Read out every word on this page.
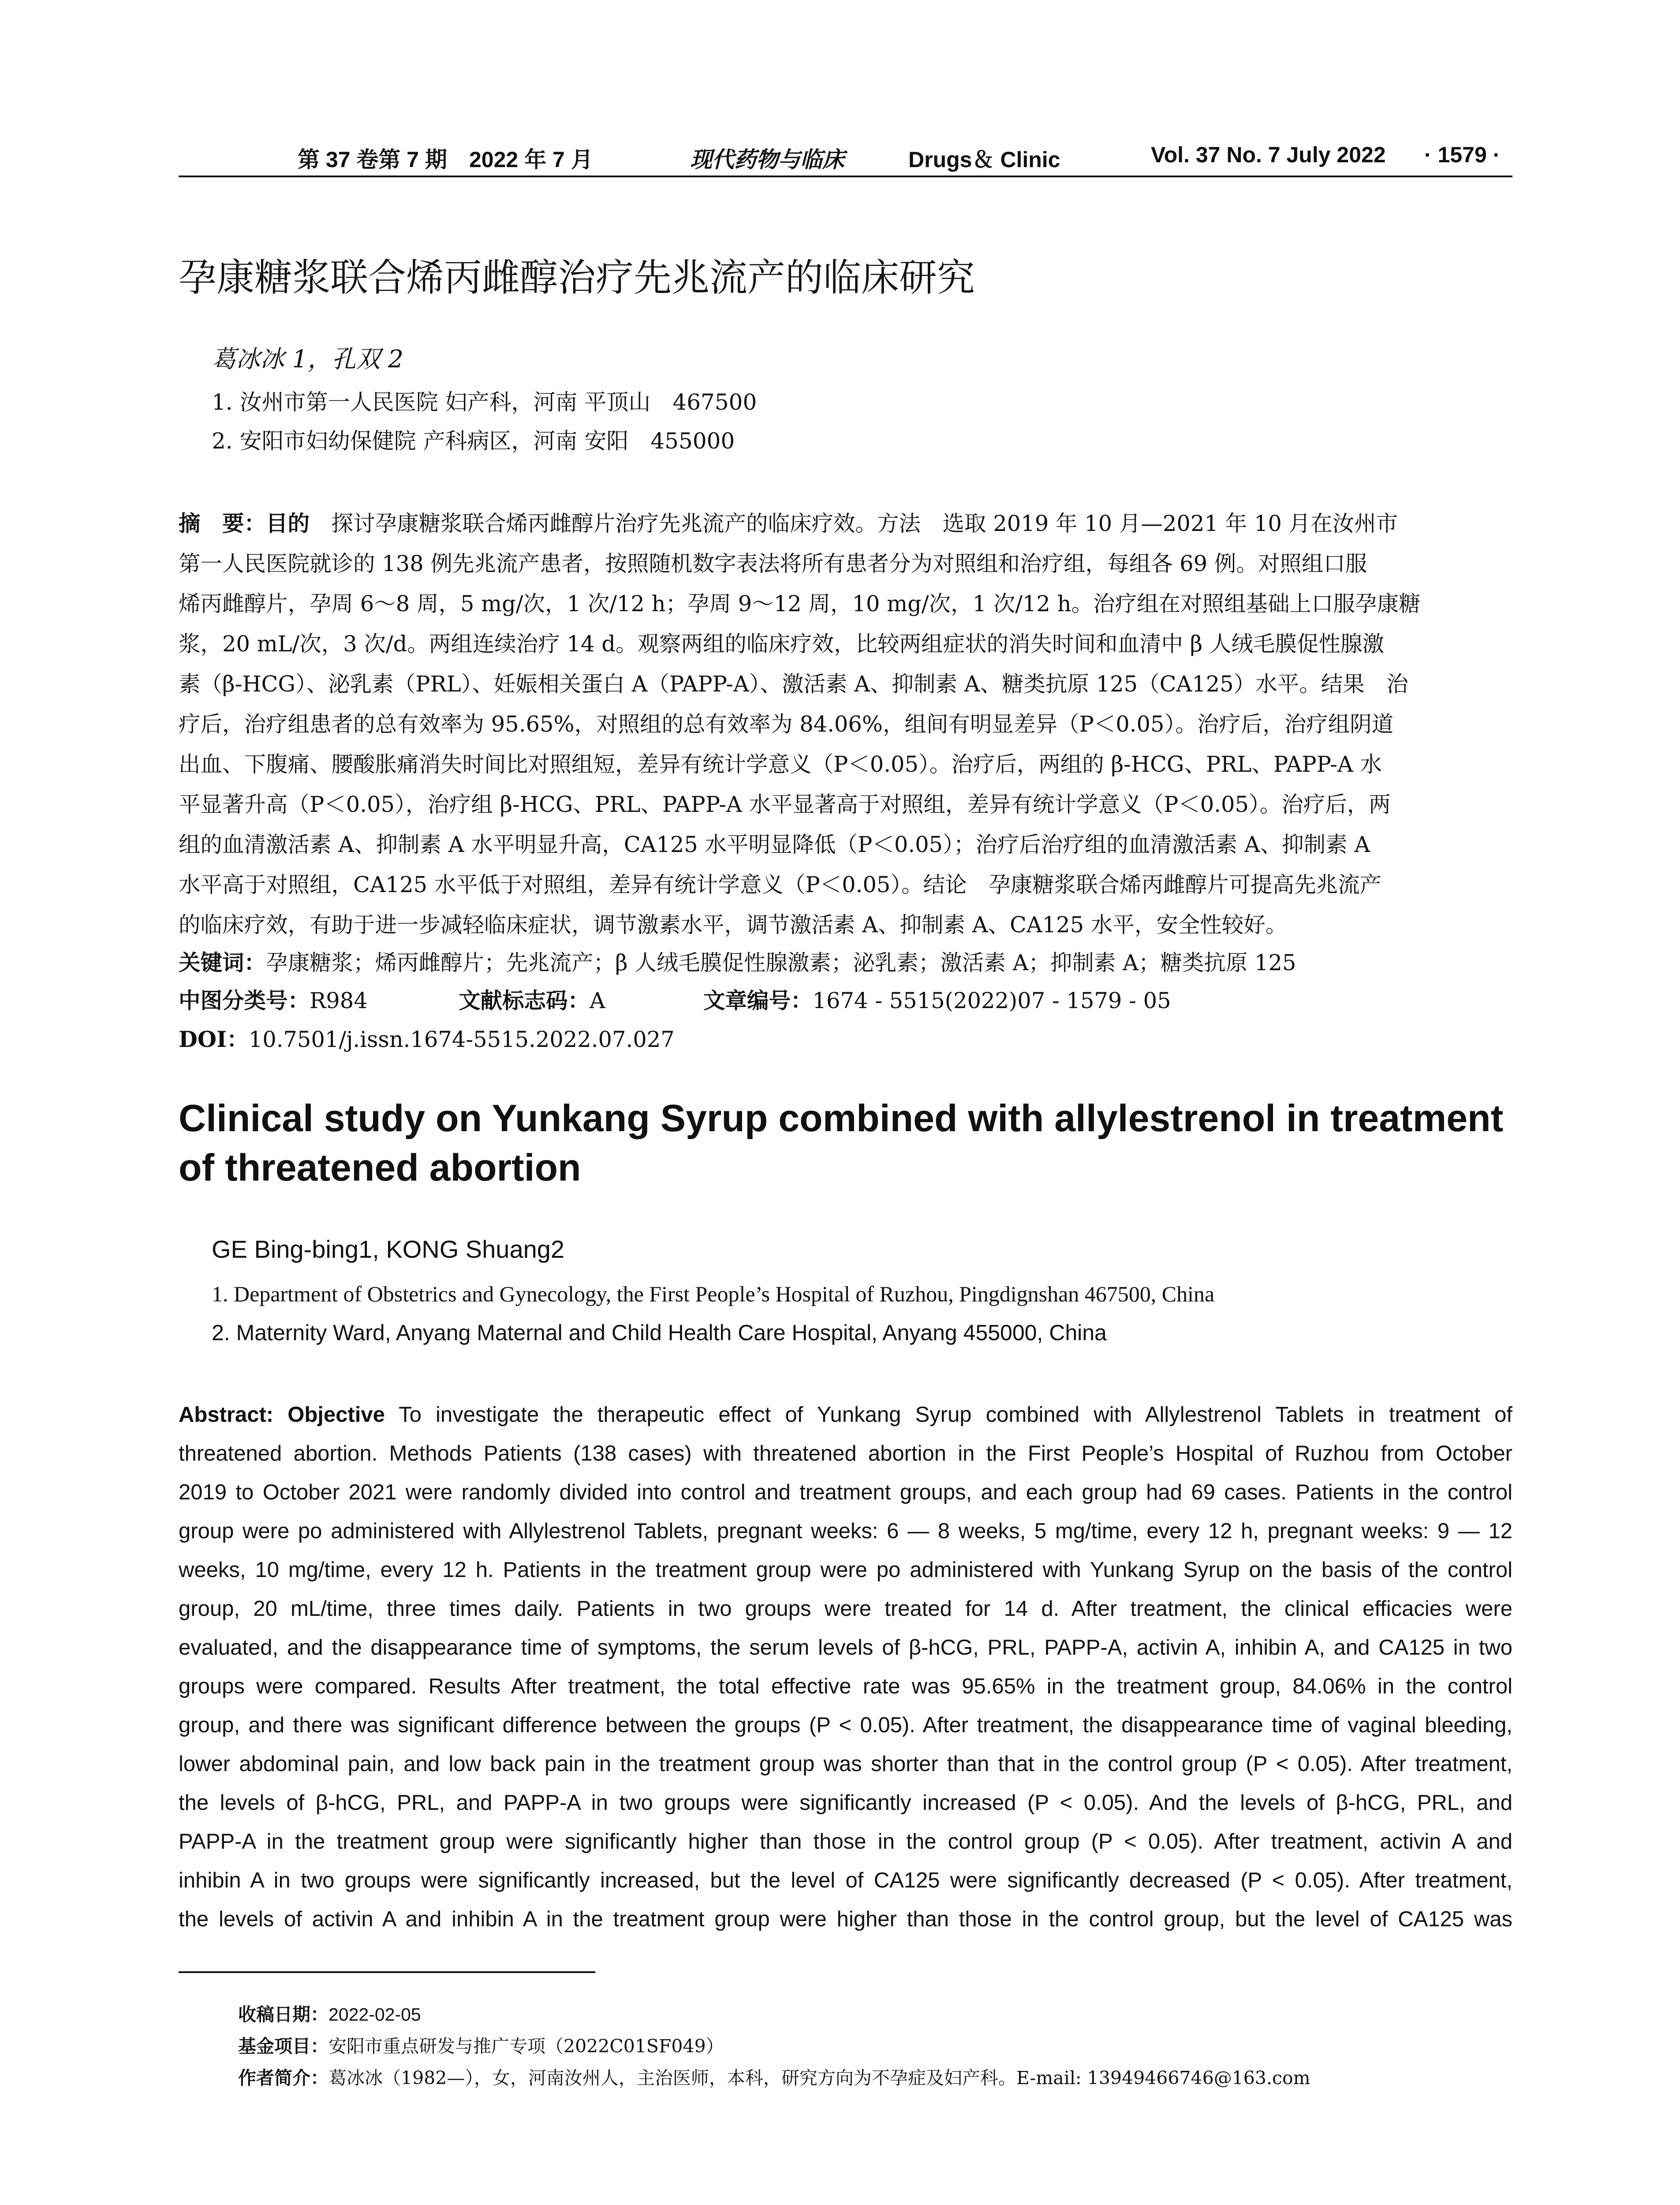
第 37 卷第 7 期　2022 年 7 月	现代药物与临床	Drugs＆ Clinic	Vol. 37 No. 7 July 2022 · 1579 ·
孕康糖浆联合烯丙雌醇治疗先兆流产的临床研究
葛冰冰 1，孔双 2
1. 汝州市第一人民医院 妇产科，河南 平顶山　467500
2. 安阳市妇幼保健院 产科病区，河南 安阳　455000
摘　要：目的　探讨孕康糖浆联合烯丙雌醇片治疗先兆流产的临床疗效。方法　选取 2019 年 10 月—2021 年 10 月在汝州市
第一人民医院就诊的 138 例先兆流产患者，按照随机数字表法将所有患者分为对照组和治疗组，每组各 69 例。对照组口服
烯丙雌醇片，孕周 6～8 周，5 mg/次，1 次/12 h；孕周 9～12 周，10 mg/次，1 次/12 h。治疗组在对照组基础上口服孕康糖
浆，20 mL/次，3 次/d。两组连续治疗 14 d。观察两组的临床疗效，比较两组症状的消失时间和血清中 β 人绒毛膜促性腺激
素（β-HCG）、泌乳素（PRL）、妊娠相关蛋白 A（PAPP-A）、激活素 A、抑制素 A、糖类抗原 125（CA125）水平。结果　治
疗后，治疗组患者的总有效率为 95.65%，对照组的总有效率为 84.06%，组间有明显差异（P＜0.05）。治疗后，治疗组阴道
出血、下腹痛、腰酸胀痛消失时间比对照组短，差异有统计学意义（P＜0.05）。治疗后，两组的 β-HCG、PRL、PAPP-A 水
平显著升高（P＜0.05），治疗组 β-HCG、PRL、PAPP-A 水平显著高于对照组，差异有统计学意义（P＜0.05）。治疗后，两
组的血清激活素 A、抑制素 A 水平明显升高，CA125 水平明显降低（P＜0.05）；治疗后治疗组的血清激活素 A、抑制素 A
水平高于对照组，CA125 水平低于对照组，差异有统计学意义（P＜0.05）。结论　孕康糖浆联合烯丙雌醇片可提高先兆流产
的临床疗效，有助于进一步减轻临床症状，调节激素水平，调节激活素 A、抑制素 A、CA125 水平，安全性较好。
关键词：孕康糖浆；烯丙雌醇片；先兆流产；β 人绒毛膜促性腺激素；泌乳素；激活素 A；抑制素 A；糖类抗原 125
中图分类号：R984	文献标志码：A	文章编号：1674 - 5515(2022)07 - 1579 - 05
DOI：10.7501/j.issn.1674-5515.2022.07.027
Clinical study on Yunkang Syrup combined with allylestrenol in treatment of threatened abortion
GE Bing-bing1, KONG Shuang2
1. Department of Obstetrics and Gynecology, the First People’s Hospital of Ruzhou, Pingdignshan 467500, China
2. Maternity Ward, Anyang Maternal and Child Health Care Hospital, Anyang 455000, China
Abstract: Objective To investigate the therapeutic effect of Yunkang Syrup combined with Allylestrenol Tablets in treatment of
threatened abortion. Methods Patients (138 cases) with threatened abortion in the First People’s Hospital of Ruzhou from October
2019 to October 2021 were randomly divided into control and treatment groups, and each group had 69 cases. Patients in the control
group were po administered with Allylestrenol Tablets, pregnant weeks: 6 — 8 weeks, 5 mg/time, every 12 h, pregnant weeks: 9 — 12
weeks, 10 mg/time, every 12 h. Patients in the treatment group were po administered with Yunkang Syrup on the basis of the control
group, 20 mL/time, three times daily. Patients in two groups were treated for 14 d. After treatment, the clinical efficacies were
evaluated, and the disappearance time of symptoms, the serum levels of β-hCG, PRL, PAPP-A, activin A, inhibin A, and CA125 in two
groups were compared. Results After treatment, the total effective rate was 95.65% in the treatment group, 84.06% in the control
group, and there was significant difference between the groups (P < 0.05). After treatment, the disappearance time of vaginal bleeding,
lower abdominal pain, and low back pain in the treatment group was shorter than that in the control group (P < 0.05). After treatment,
the levels of β-hCG, PRL, and PAPP-A in two groups were significantly increased (P < 0.05). And the levels of β-hCG, PRL, and
PAPP-A in the treatment group were significantly higher than those in the control group (P < 0.05). After treatment, activin A and
inhibin A in two groups were significantly increased, but the level of CA125 were significantly decreased (P < 0.05). After treatment,
the levels of activin A and inhibin A in the treatment group were higher than those in the control group, but the level of CA125 was
收稿日期：2022-02-05
基金项目：安阳市重点研发与推广专项（2022C01SF049）
作者简介：葛冰冰（1982—），女，河南汝州人，主治医师，本科，研究方向为不孕症及妇产科。E-mail: 13949466746@163.com
